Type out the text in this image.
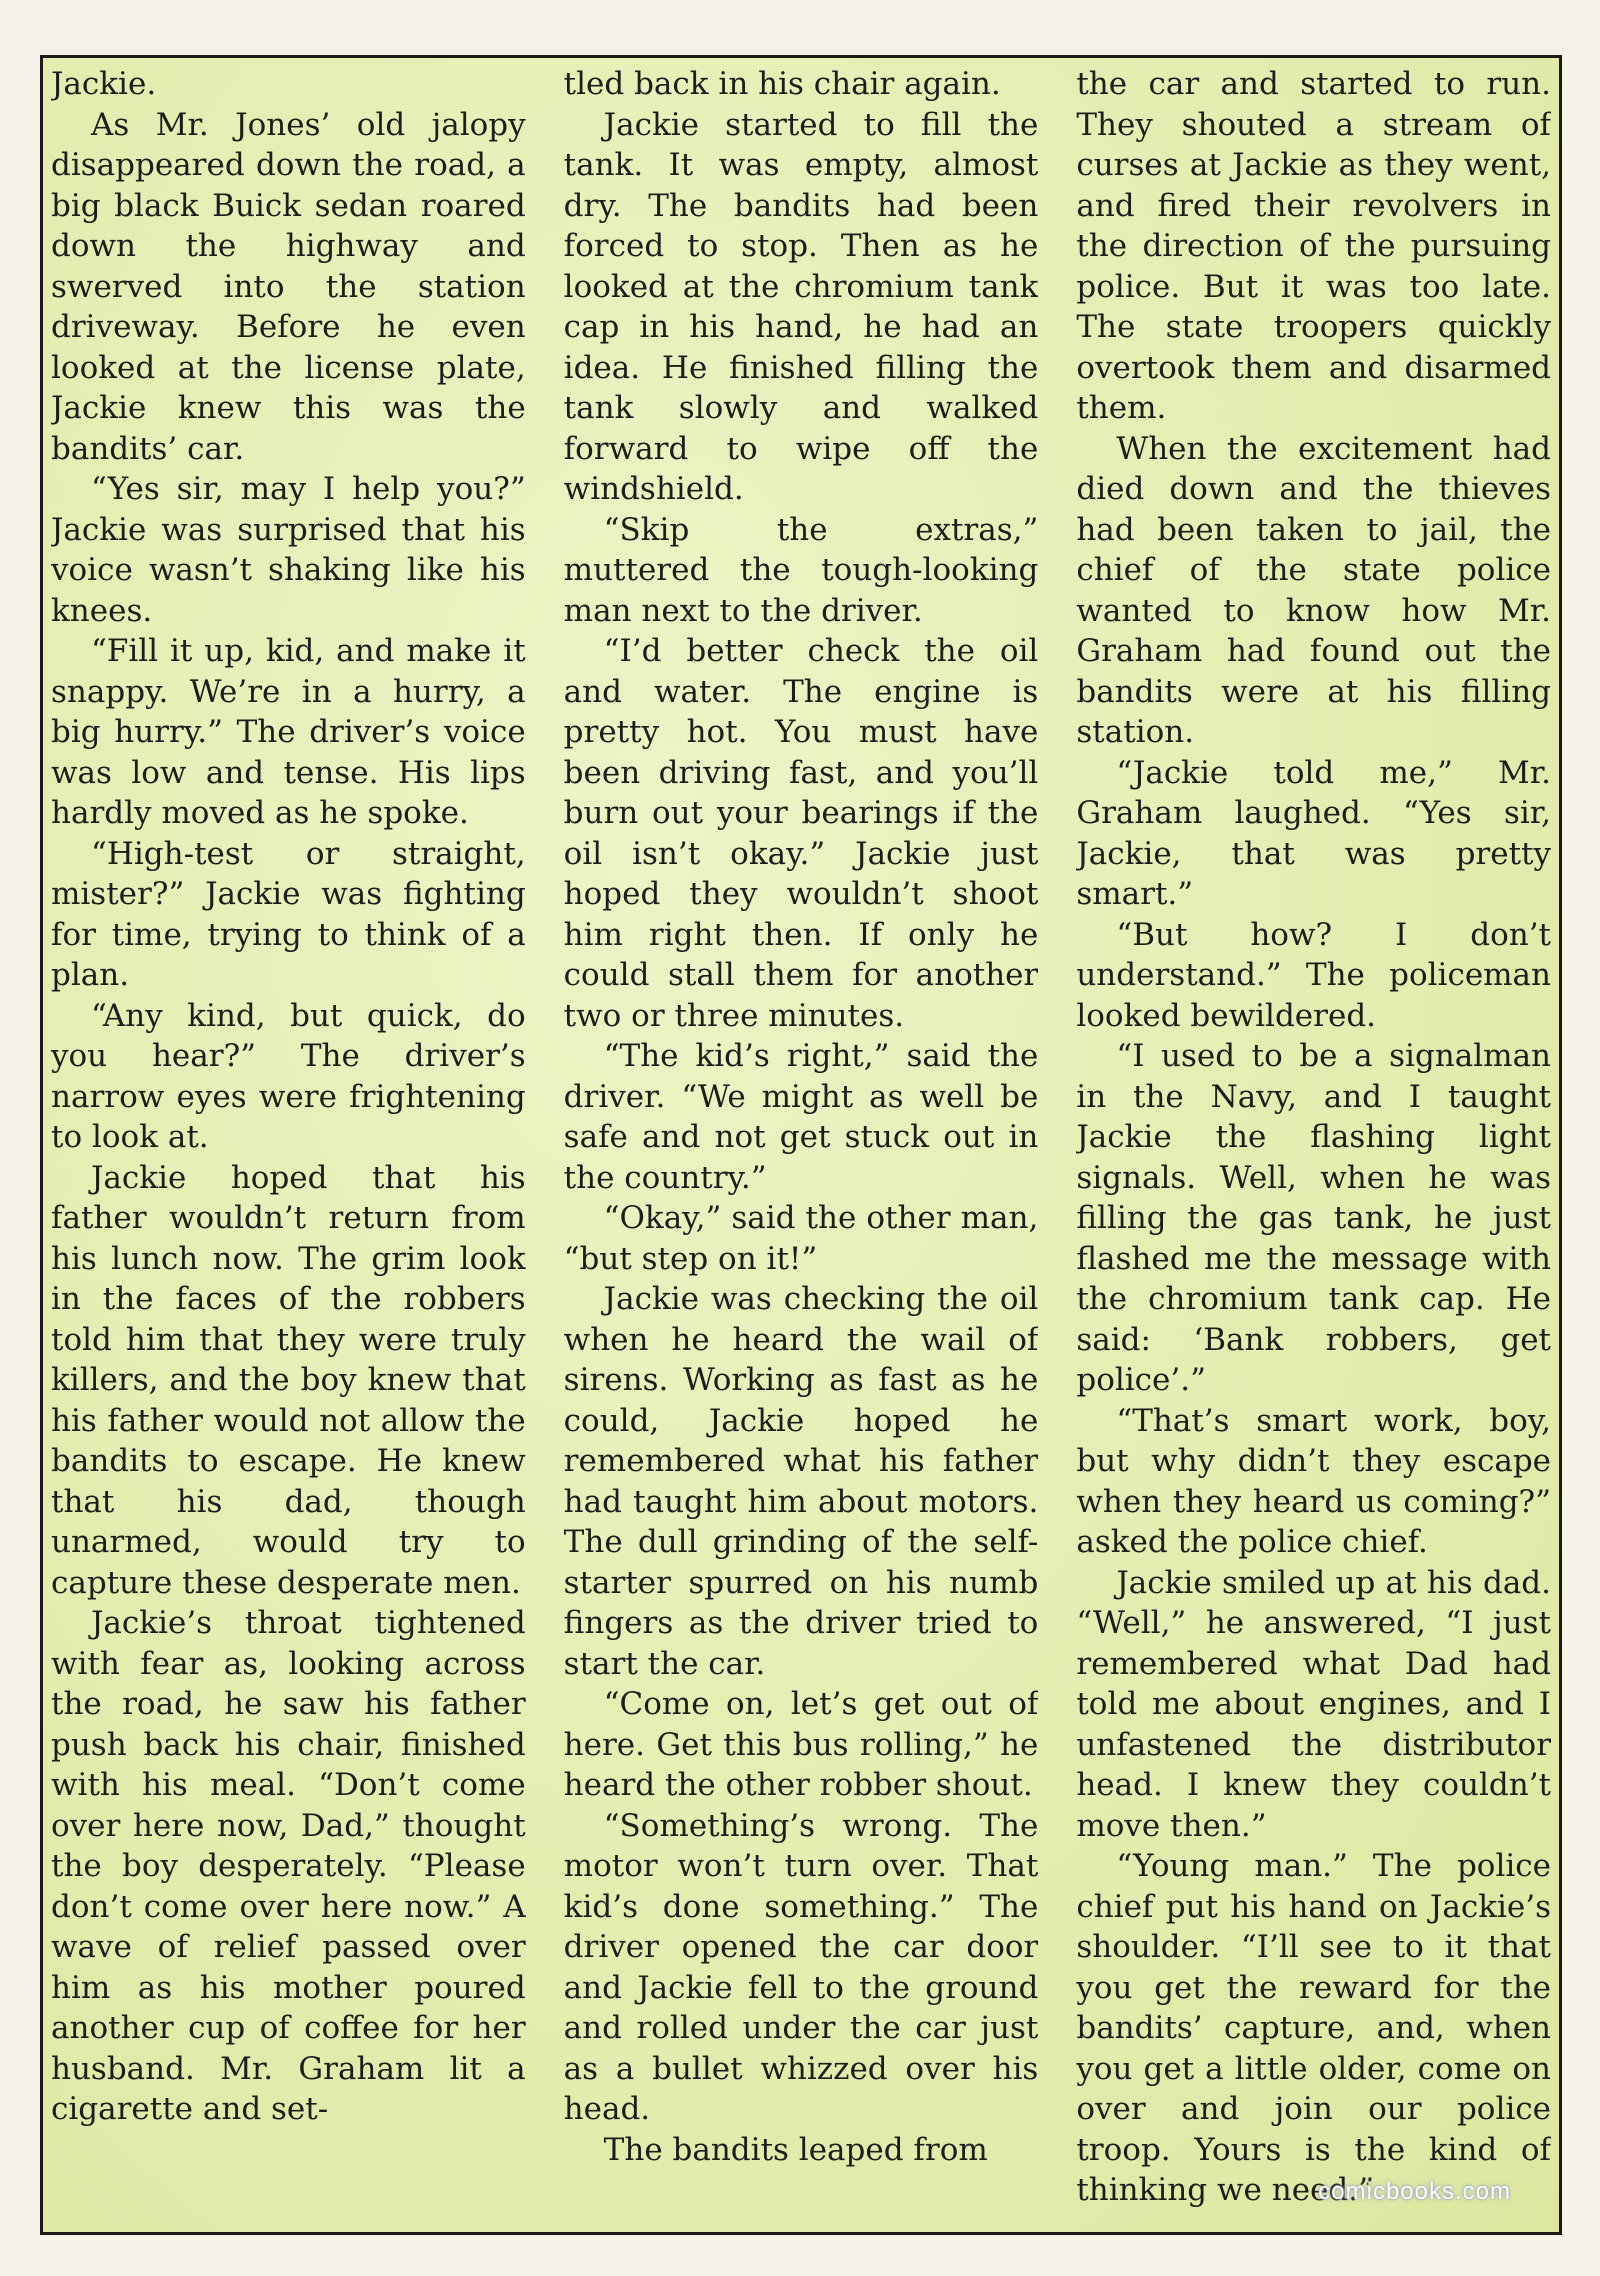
Jackie.

As Mr. Jones’ old jalopy disappeared down the road, a big black Buick sedan roared down the highway and swerved into the station driveway. Before he even looked at the license plate, Jackie knew this was the bandits’ car.

“Yes sir, may I help you?” Jackie was surprised that his voice wasn’t shaking like his knees.

“Fill it up, kid, and make it snappy. We’re in a hurry, a big hurry.” The driver’s voice was low and tense. His lips hardly moved as he spoke.

“High-test or straight, mister?” Jackie was fighting for time, trying to think of a plan.

“Any kind, but quick, do you hear?” The driver’s narrow eyes were frightening to look at.

Jackie hoped that his father wouldn’t return from his lunch now. The grim look in the faces of the robbers told him that they were truly killers, and the boy knew that his father would not allow the bandits to escape. He knew that his dad, though unarmed, would try to capture these desperate men.

Jackie’s throat tightened with fear as, looking across the road, he saw his father push back his chair, finished with his meal. “Don’t come over here now, Dad,” thought the boy desperately. “Please don’t come over here now.” A wave of relief passed over him as his mother poured another cup of coffee for her husband. Mr. Graham lit a cigarette and set-

tled back in his chair again.

Jackie started to fill the tank. It was empty, almost dry. The bandits had been forced to stop. Then as he looked at the chromium tank cap in his hand, he had an idea. He finished filling the tank slowly and walked forward to wipe off the windshield.

“Skip the extras,” muttered the tough-looking man next to the driver.

“I’d better check the oil and water. The engine is pretty hot. You must have been driving fast, and you’ll burn out your bearings if the oil isn’t okay.” Jackie just hoped they wouldn’t shoot him right then. If only he could stall them for another two or three minutes.

“The kid’s right,” said the driver. “We might as well be safe and not get stuck out in the country.”

“Okay,” said the other man, “but step on it!”

Jackie was checking the oil when he heard the wail of sirens. Working as fast as he could, Jackie hoped he remembered what his father had taught him about motors. The dull grinding of the self-starter spurred on his numb fingers as the driver tried to start the car.

“Come on, let’s get out of here. Get this bus rolling,” he heard the other robber shout.

“Something’s wrong. The motor won’t turn over. That kid’s done something.” The driver opened the car door and Jackie fell to the ground and rolled under the car just as a bullet whizzed over his head.

The bandits leaped from

the car and started to run. They shouted a stream of curses at Jackie as they went, and fired their revolvers in the direction of the pursuing police. But it was too late. The state troopers quickly overtook them and disarmed them.

When the excitement had died down and the thieves had been taken to jail, the chief of the state police wanted to know how Mr. Graham had found out the bandits were at his filling station.

“Jackie told me,” Mr. Graham laughed. “Yes sir, Jackie, that was pretty smart.”

“But how? I don’t understand.” The policeman looked bewildered.

“I used to be a signalman in the Navy, and I taught Jackie the flashing light signals. Well, when he was filling the gas tank, he just flashed me the message with the chromium tank cap. He said: ‘Bank robbers, get police’.”

“That’s smart work, boy, but why didn’t they escape when they heard us coming?” asked the police chief.

Jackie smiled up at his dad. “Well,” he answered, “I just remembered what Dad had told me about engines, and I unfastened the distributor head. I knew they couldn’t move then.”

“Young man.” The police chief put his hand on Jackie’s shoulder. “I’ll see to it that you get the reward for the bandits’ capture, and, when you get a little older, come on over and join our police troop. Yours is the kind of thinking we need.”

comicbooks.com
